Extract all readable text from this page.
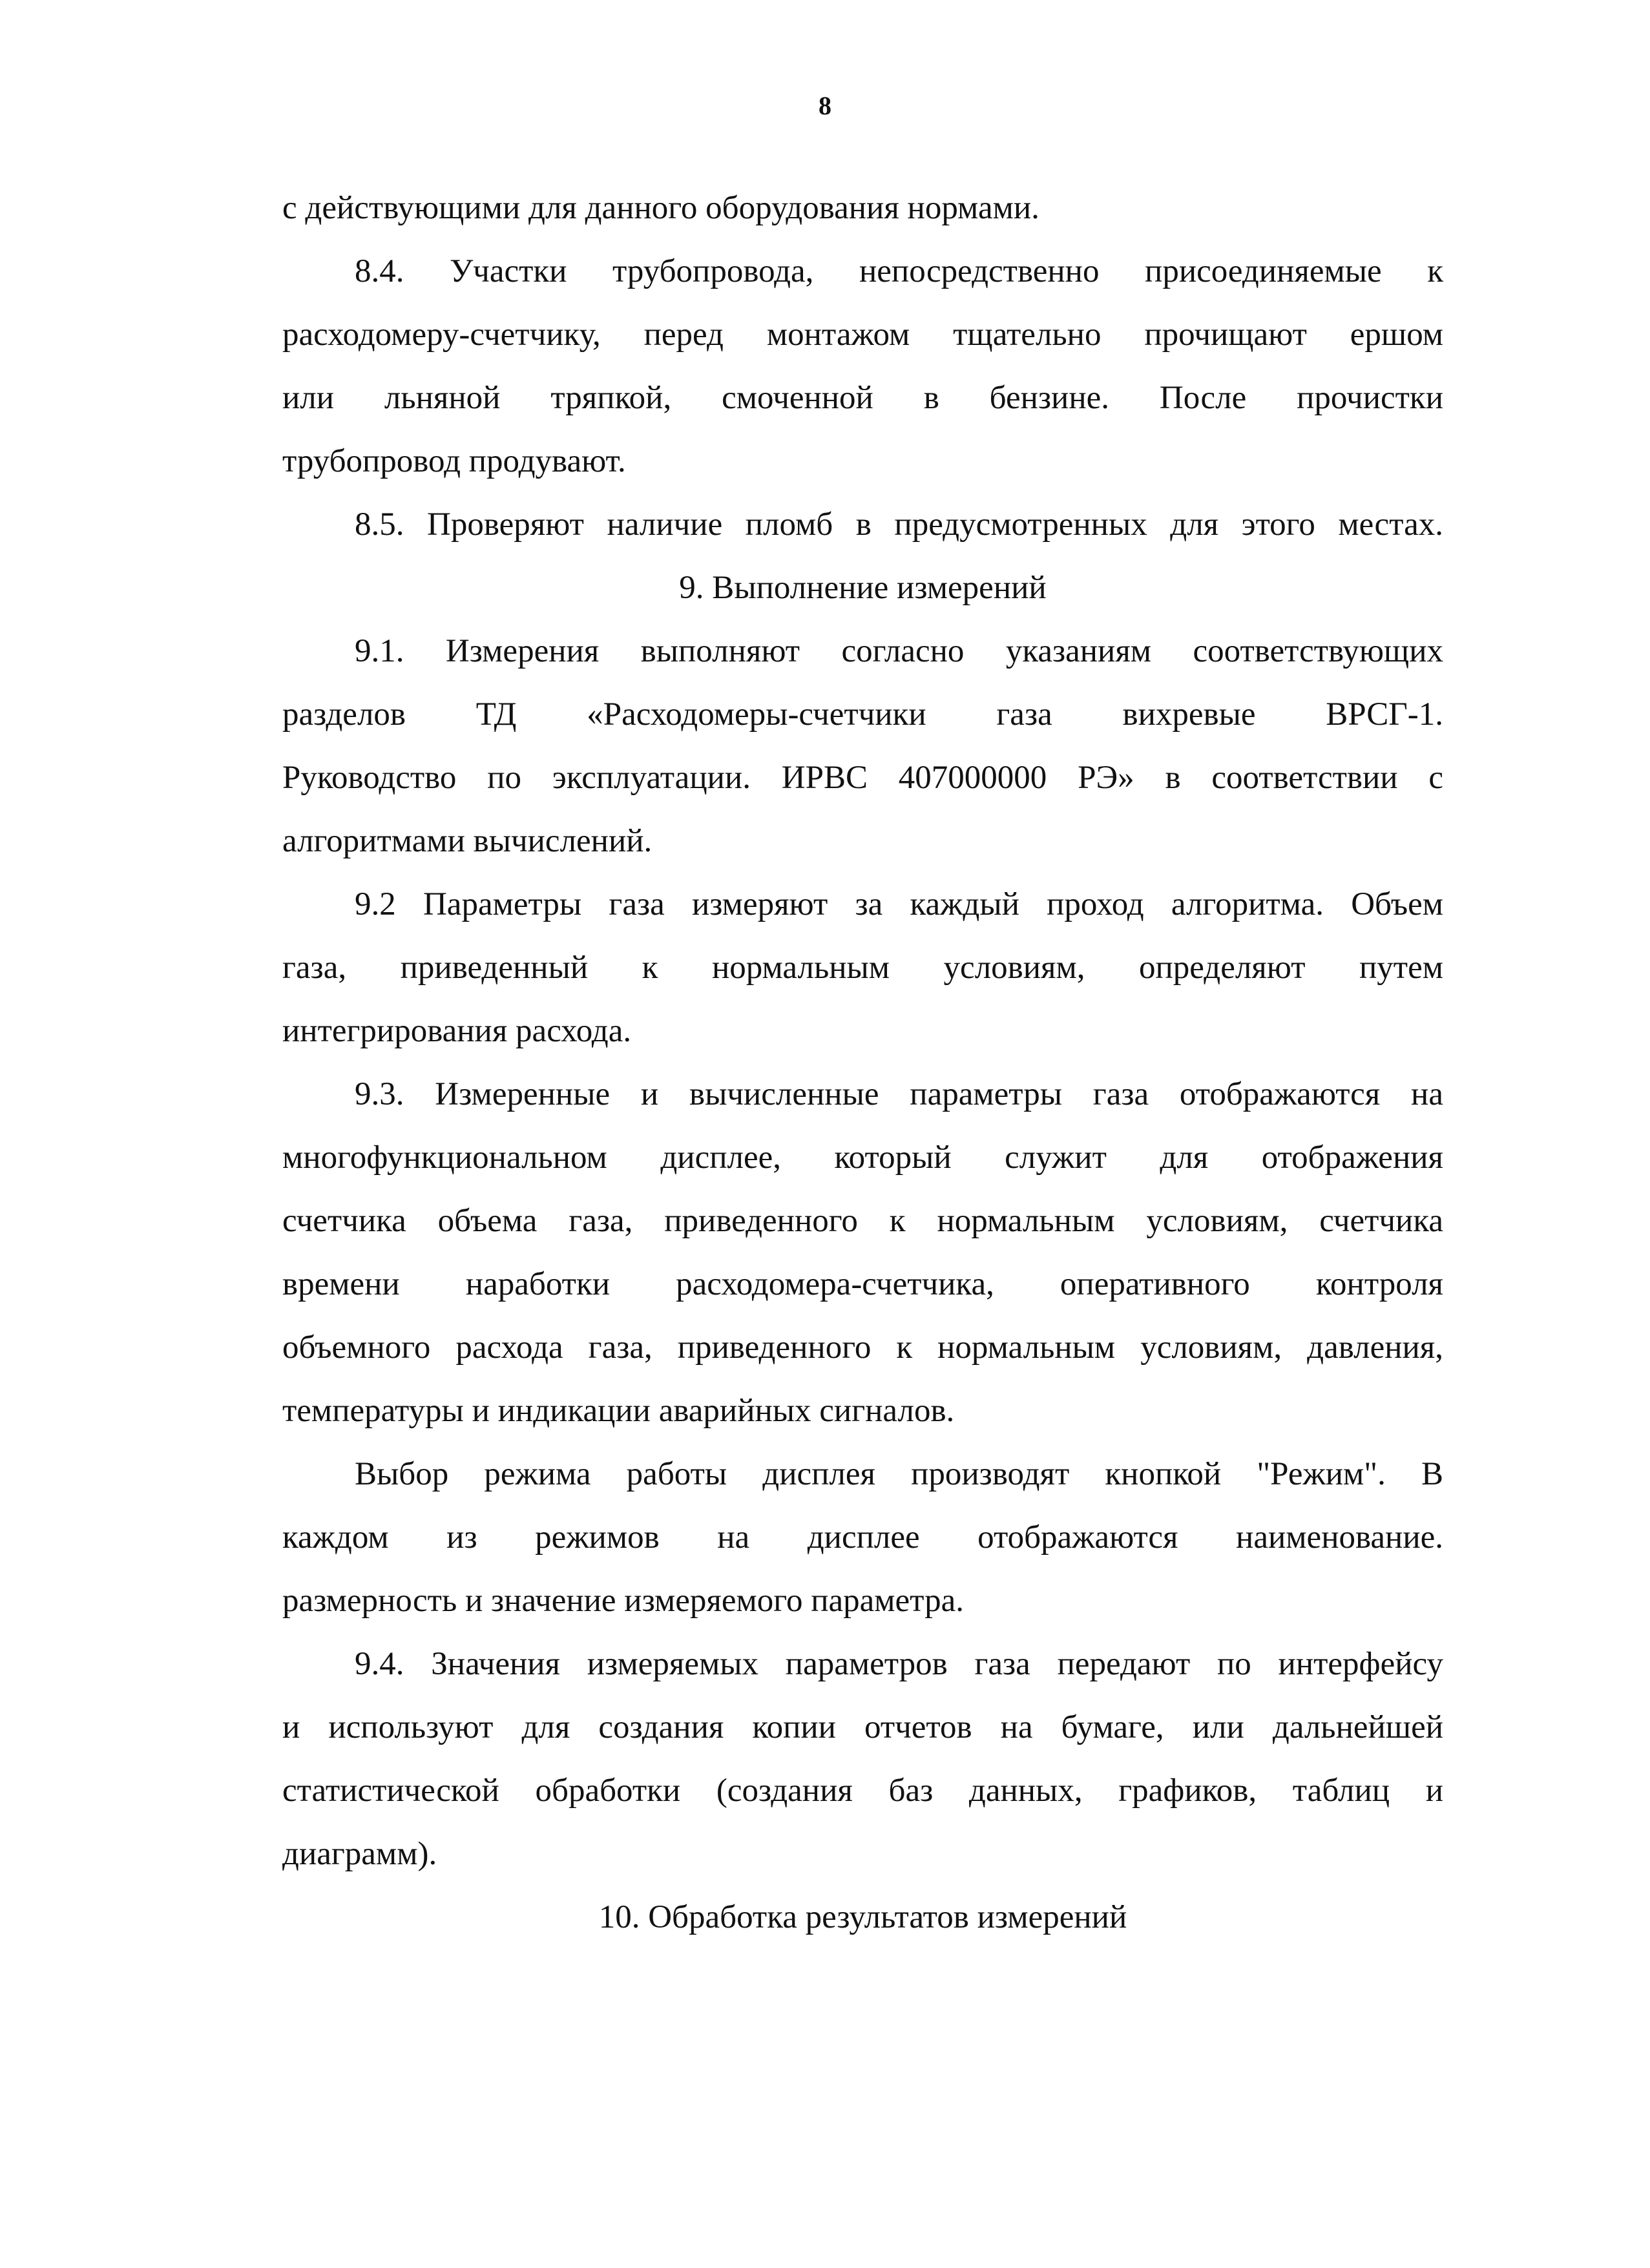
8
с действующими для данного оборудования нормами.
8.4. Участки трубопровода, непосредственно присоединяемые к
расходомеру-счетчику, перед монтажом тщательно прочищают ершом
или льняной тряпкой, смоченной в бензине. После прочистки
трубопровод продувают.
8.5. Проверяют наличие пломб в предусмотренных для этого местах.
9. Выполнение измерений
9.1. Измерения выполняют согласно указаниям соответствующих
разделов ТД «Расходомеры-счетчики газа вихревые ВРСГ-1.
Руководство по эксплуатации. ИРВС 407000000 РЭ» в соответствии с
алгоритмами вычислений.
9.2 Параметры газа измеряют за каждый проход алгоритма. Объем
газа, приведенный к нормальным условиям, определяют путем
интегрирования расхода.
9.3. Измеренные и вычисленные параметры газа отображаются на
многофункциональном дисплее, который служит для отображения
счетчика объема газа, приведенного к нормальным условиям, счетчика
времени наработки расходомера-счетчика, оперативного контроля
объемного расхода газа, приведенного к нормальным условиям, давления,
температуры и индикации аварийных сигналов.
Выбор режима работы дисплея производят кнопкой "Режим". В
каждом из режимов на дисплее отображаются наименование.
размерность и значение измеряемого параметра.
9.4. Значения измеряемых параметров газа передают по интерфейсу
и используют для создания копии отчетов на бумаге, или дальнейшей
статистической обработки (создания баз данных, графиков, таблиц и
диаграмм).
10. Обработка результатов измерений
